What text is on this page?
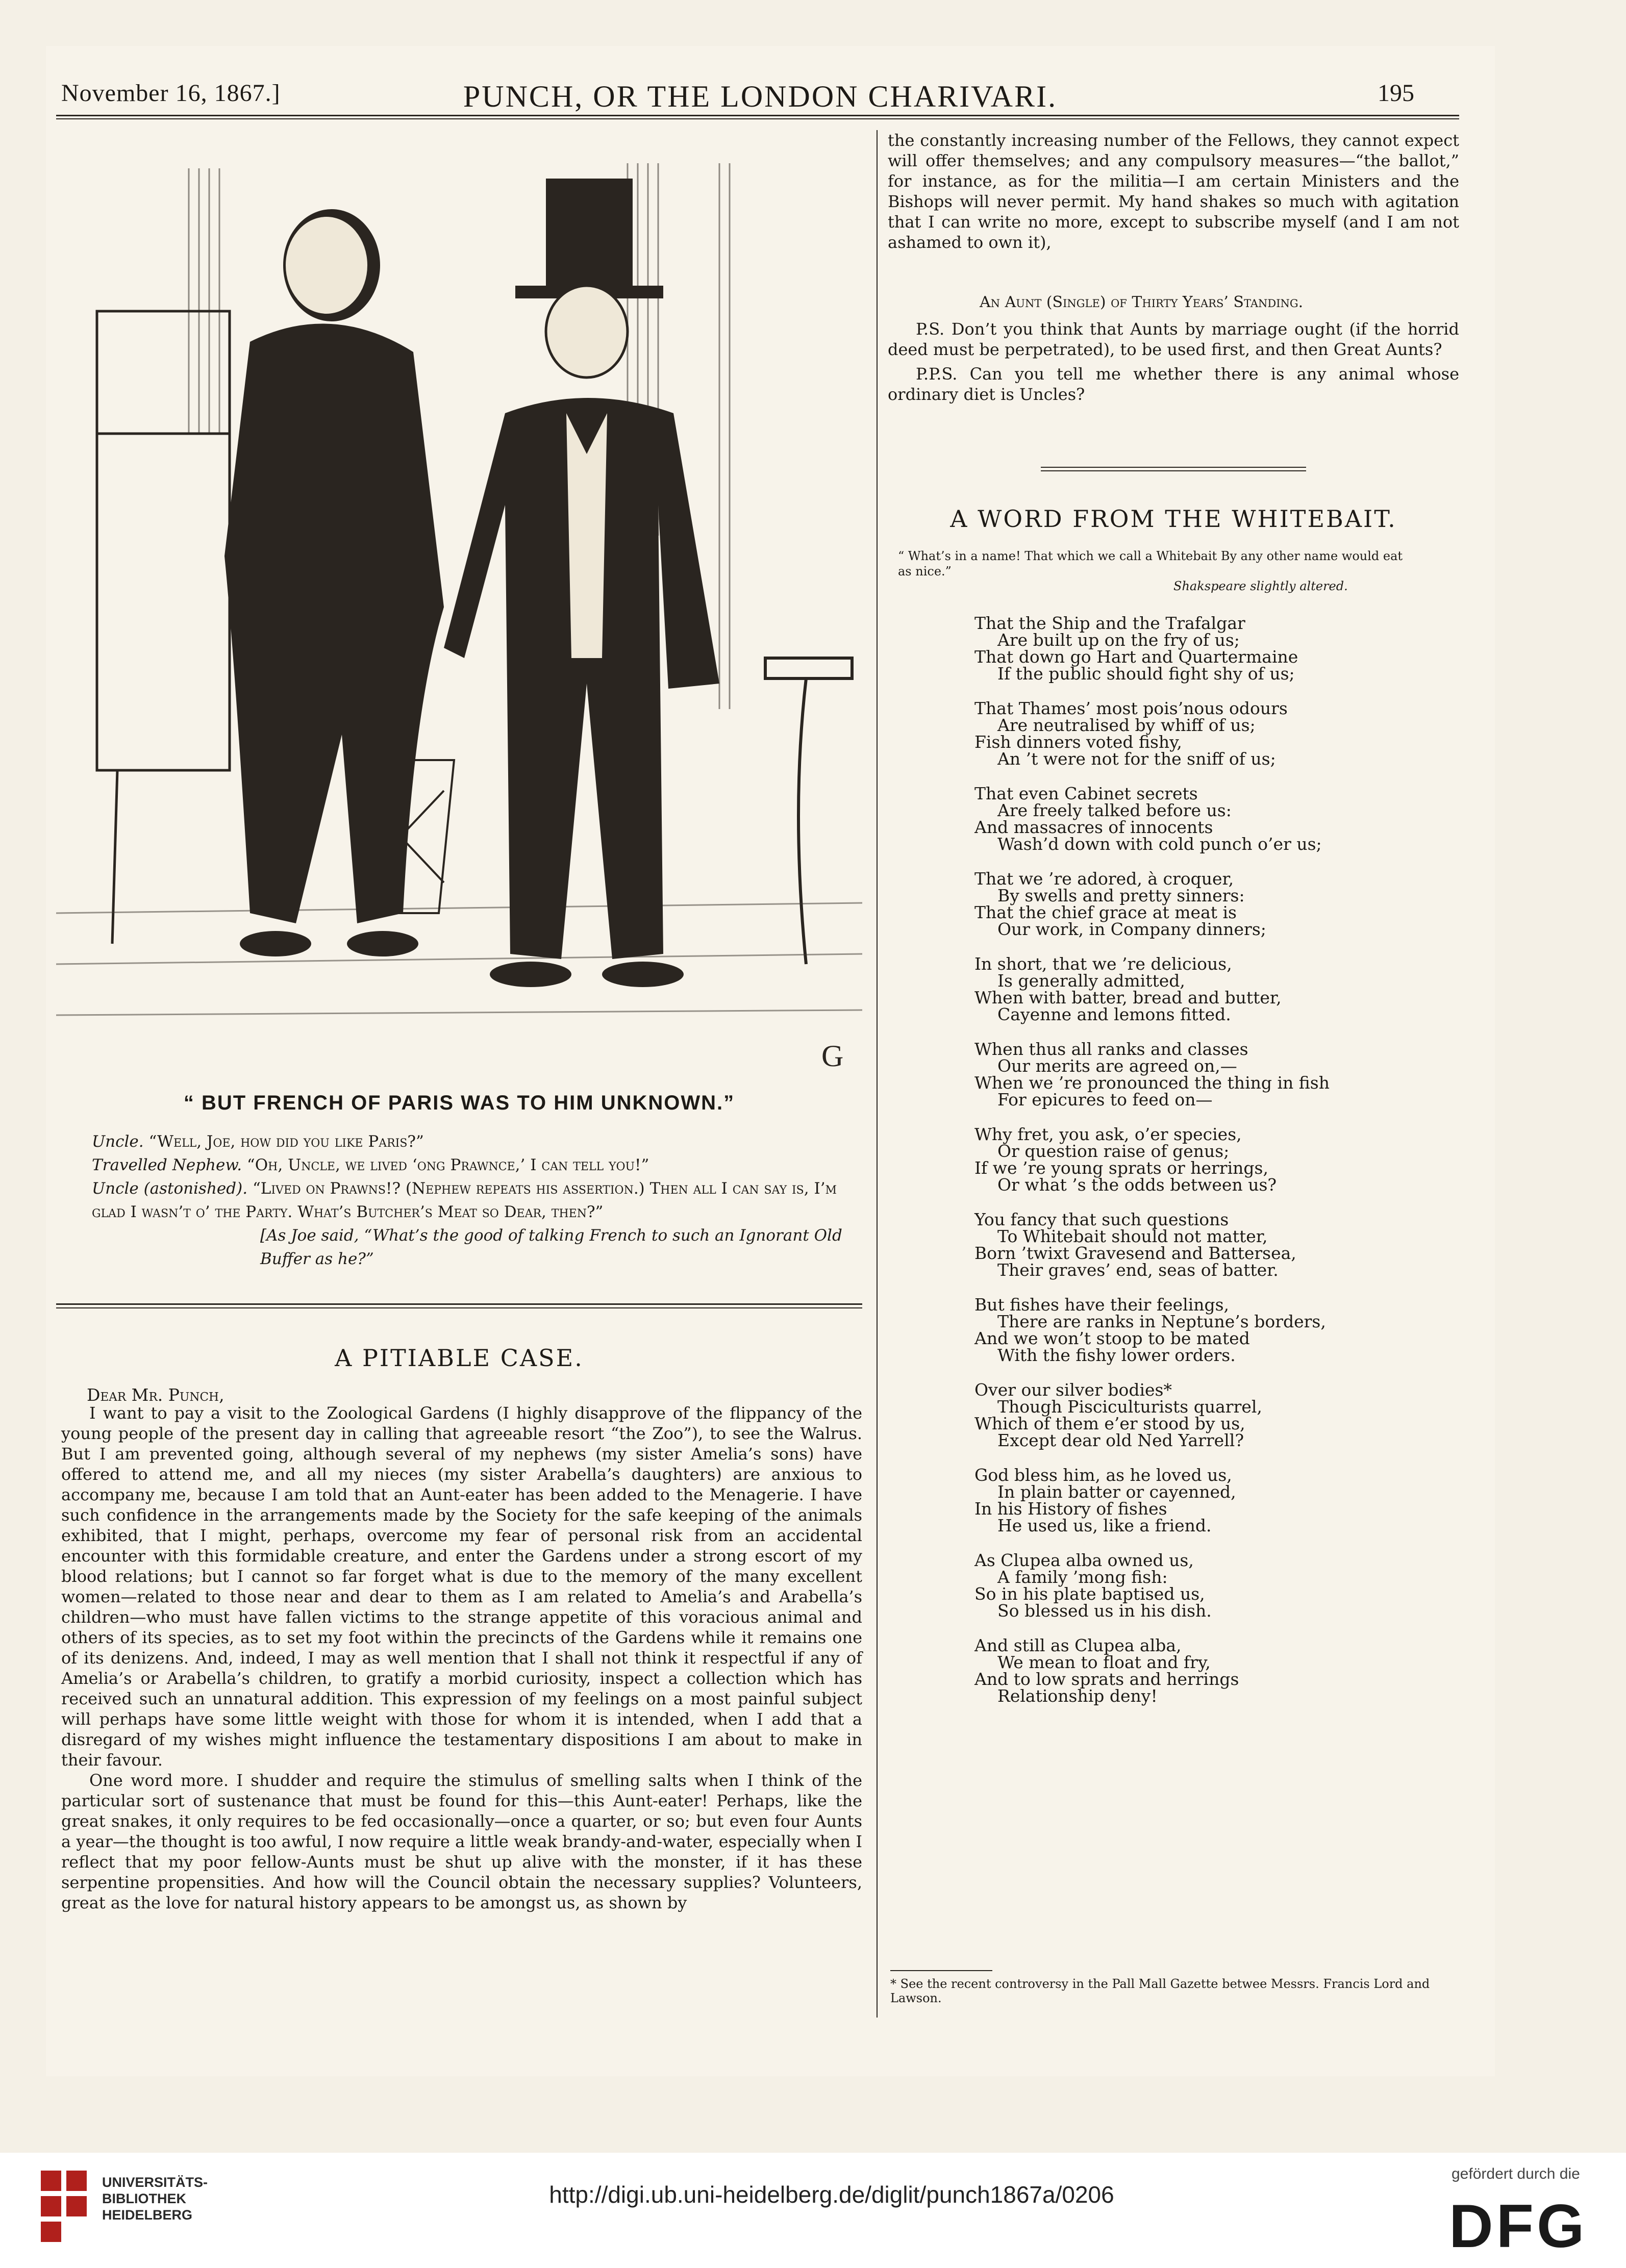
November 16, 1867.]	PUNCH, OR THE LONDON CHARIVARI.	195
G
“ BUT FRENCH OF PARIS WAS TO HIM UNKNOWN.”

Uncle. “Well, Joe, how did you like Paris?”

Travelled Nephew. “Oh, Uncle, we lived ‘ong Prawnce,’ I can tell you!”

Uncle (astonished). “Lived on Prawns!? (Nephew repeats his assertion.) Then all I can say is, I’m glad I wasn’t o’ the Party. What’s Butcher’s Meat so Dear, then?”

[As Joe said, “What’s the good of talking French to such an Ignorant Old Buffer as he?”

A PITIABLE CASE.
Dear Mr. Punch,

I want to pay a visit to the Zoological Gardens (I highly disapprove of the flippancy of the young people of the present day in calling that agreeable resort “the Zoo”), to see the Walrus. But I am prevented going, although several of my nephews (my sister Amelia’s sons) have offered to attend me, and all my nieces (my sister Arabella’s daughters) are anxious to accompany me, because I am told that an Aunt-eater has been added to the Menagerie. I have such confidence in the arrangements made by the Society for the safe keeping of the animals exhibited, that I might, perhaps, overcome my fear of personal risk from an accidental encounter with this formidable creature, and enter the Gardens under a strong escort of my blood relations; but I cannot so far forget what is due to the memory of the many excellent women—related to those near and dear to them as I am related to Amelia’s and Arabella’s children—who must have fallen victims to the strange appetite of this voracious animal and others of its species, as to set my foot within the precincts of the Gardens while it remains one of its denizens. And, indeed, I may as well mention that I shall not think it respectful if any of Amelia’s or Arabella’s children, to gratify a morbid curiosity, inspect a collection which has received such an unnatural addition. This expression of my feelings on a most painful subject will perhaps have some little weight with those for whom it is intended, when I add that a disregard of my wishes might influence the testamentary dispositions I am about to make in their favour.

One word more. I shudder and require the stimulus of smelling salts when I think of the particular sort of sustenance that must be found for this—this Aunt-eater! Perhaps, like the great snakes, it only requires to be fed occasionally—once a quarter, or so; but even four Aunts a year—the thought is too awful, I now require a little weak brandy-and-water, especially when I reflect that my poor fellow-Aunts must be shut up alive with the monster, if it has these serpentine propensities. And how will the Council obtain the necessary supplies? Volunteers, great as the love for natural history appears to be amongst us, as shown by

the constantly increasing number of the Fellows, they cannot expect will offer themselves; and any compulsory measures—“the ballot,” for instance, as for the militia—I am certain Ministers and the Bishops will never permit. My hand shakes so much with agitation that I can write no more, except to subscribe myself (and I am not ashamed to own it),

An Aunt (Single) of Thirty Years’ Standing.

P.S. Don’t you think that Aunts by marriage ought (if the horrid deed must be perpetrated), to be used first, and then Great Aunts?

P.P.S. Can you tell me whether there is any animal whose ordinary diet is Uncles?

A WORD FROM THE WHITEBAIT.
“ What’s in a name! That which we call a Whitebait By any other name would eat as nice.”
Shakspeare slightly altered.
That the Ship and the Trafalgar
Are built up on the fry of us;
That down go Hart and Quartermaine
If the public should fight shy of us;
That Thames’ most pois’nous odours
Are neutralised by whiff of us;
Fish dinners voted fishy,
An ’t were not for the sniff of us;
That even Cabinet secrets
Are freely talked before us:
And massacres of innocents
Wash’d down with cold punch o’er us;
That we ’re adored, à croquer,
By swells and pretty sinners:
That the chief grace at meat is
Our work, in Company dinners;
In short, that we ’re delicious,
Is generally admitted,
When with batter, bread and butter,
Cayenne and lemons fitted.
When thus all ranks and classes
Our merits are agreed on,—
When we ’re pronounced the thing in fish
For epicures to feed on—
Why fret, you ask, o’er species,
Or question raise of genus;
If we ’re young sprats or herrings,
Or what ’s the odds between us?
You fancy that such questions
To Whitebait should not matter,
Born ’twixt Gravesend and Battersea,
Their graves’ end, seas of batter.
But fishes have their feelings,
There are ranks in Neptune’s borders,
And we won’t stoop to be mated
With the fishy lower orders.
Over our silver bodies*
Though Pisciculturists quarrel,
Which of them e’er stood by us,
Except dear old Ned Yarrell?
God bless him, as he loved us,
In plain batter or cayenned,
In his History of fishes
He used us, like a friend.
As Clupea alba owned us,
A family ’mong fish:
So in his plate baptised us,
So blessed us in his dish.
And still as Clupea alba,
We mean to float and fry,
And to low sprats and herrings
Relationship deny!
* See the recent controversy in the Pall Mall Gazette betwee Messrs. Francis Lord and Lawson.
UNIVERSITÄTS-
BIBLIOTHEK
HEIDELBERG
http://digi.ub.uni-heidelberg.de/diglit/punch1867a/0206
gefördert durch die
DFG
